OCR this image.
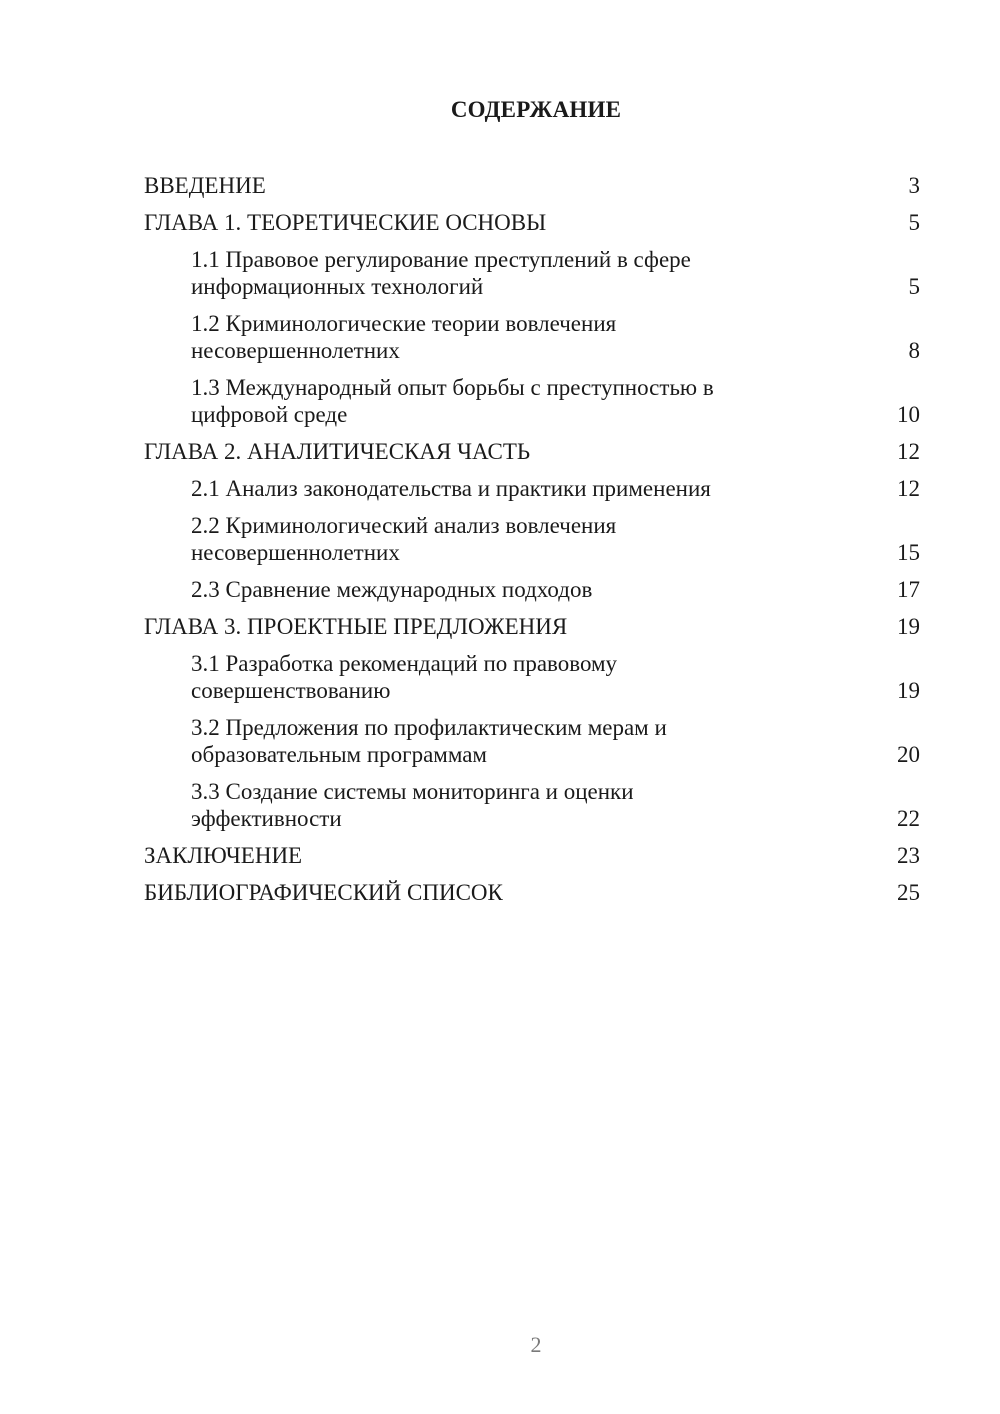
СОДЕРЖАНИЕ
ВВЕДЕНИЕ	3
ГЛАВА 1. ТЕОРЕТИЧЕСКИЕ ОСНОВЫ	5
1.1 Правовое регулирование преступлений в сфере информационных технологий	5
1.2 Криминологические теории вовлечения несовершеннолетних	8
1.3 Международный опыт борьбы с преступностью в цифровой среде	10
ГЛАВА 2. АНАЛИТИЧЕСКАЯ ЧАСТЬ	12
2.1 Анализ законодательства и практики применения	12
2.2 Криминологический анализ вовлечения несовершеннолетних	15
2.3 Сравнение международных подходов	17
ГЛАВА 3. ПРОЕКТНЫЕ ПРЕДЛОЖЕНИЯ	19
3.1 Разработка рекомендаций по правовому совершенствованию	19
3.2 Предложения по профилактическим мерам и образовательным программам	20
3.3 Создание системы мониторинга и оценки эффективности	22
ЗАКЛЮЧЕНИЕ	23
БИБЛИОГРАФИЧЕСКИЙ СПИСОК	25
2
